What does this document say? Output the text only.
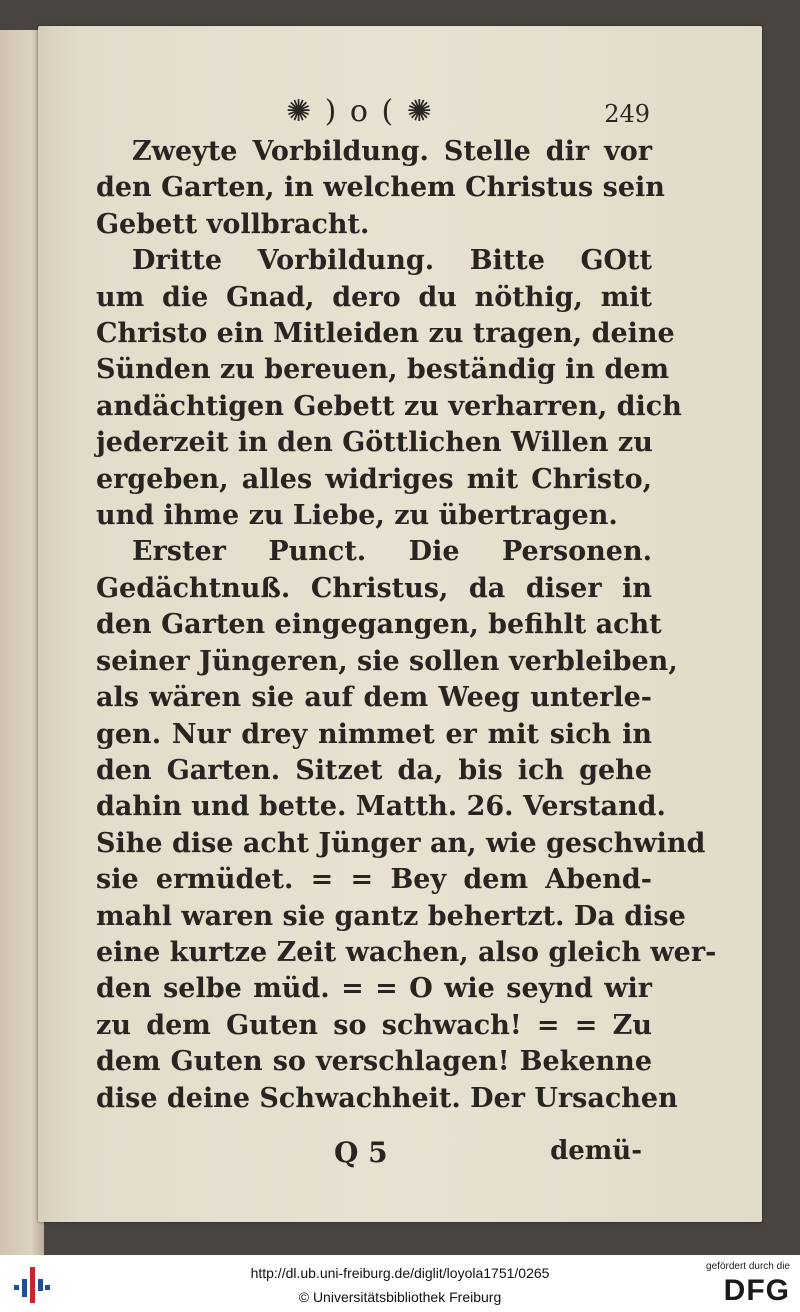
✺ ) o ( ✺	249
Zweyte Vorbildung. Stelle dir vor
den Garten, in welchem Christus sein
Gebett vollbracht.
Dritte Vorbildung. Bitte GOtt
um die Gnad, dero du nöthig, mit
Christo ein Mitleiden zu tragen, deine
Sünden zu bereuen, beständig in dem
andächtigen Gebett zu verharren, dich
jederzeit in den Göttlichen Willen zu
ergeben, alles widriges mit Christo,
und ihme zu Liebe, zu übertragen.
Erster Punct. Die Personen.
Gedächtnuß. Christus, da diser in
den Garten eingegangen, befihlt acht
seiner Jüngeren, sie sollen verbleiben,
als wären sie auf dem Weeg unterle-
gen. Nur drey nimmet er mit sich in
den Garten. Sitzet da, bis ich gehe
dahin und bette. Matth. 26. Verstand.
Sihe dise acht Jünger an, wie geschwind
sie ermüdet. = = Bey dem Abend-
mahl waren sie gantz behertzt. Da dise
eine kurtze Zeit wachen, also gleich wer-
den selbe müd. = = O wie seynd wir
zu dem Guten so schwach! = = Zu
dem Guten so verschlagen! Bekenne
dise deine Schwachheit. Der Ursachen
Q 5	demü-
http://dl.ub.uni-freiburg.de/diglit/loyola1751/0265
© Universitätsbibliothek Freiburg
gefördert durch die
DFG
